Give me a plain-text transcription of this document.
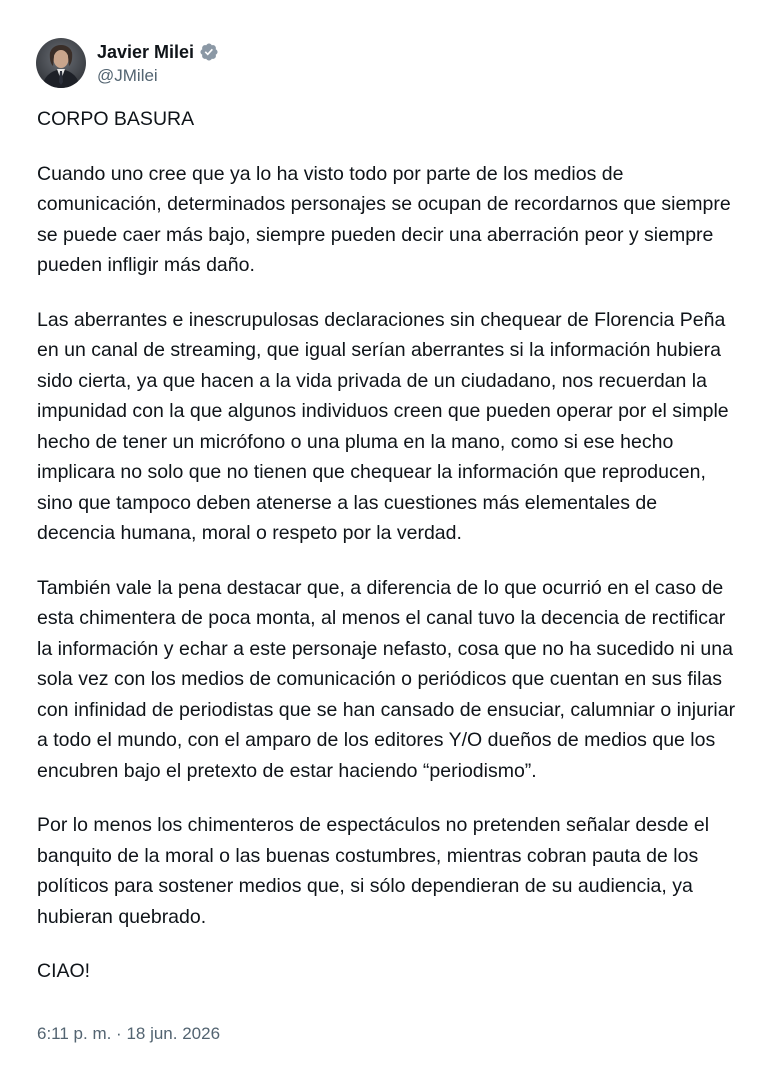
Javier Milei
@JMilei

CORPO BASURA

Cuando uno cree que ya lo ha visto todo por parte de los medios de comunicación, determinados personajes se ocupan de recordarnos que siempre se puede caer más bajo, siempre pueden decir una aberración peor y siempre pueden infligir más daño.

Las aberrantes e inescrupulosas declaraciones sin chequear de Florencia Peña en un canal de streaming, que igual serían aberrantes si la información hubiera sido cierta, ya que hacen a la vida privada de un ciudadano, nos recuerdan la impunidad con la que algunos individuos creen que pueden operar por el simple hecho de tener un micrófono o una pluma en la mano, como si ese hecho implicara no solo que no tienen que chequear la información que reproducen, sino que tampoco deben atenerse a las cuestiones más elementales de decencia humana, moral o respeto por la verdad.

También vale la pena destacar que, a diferencia de lo que ocurrió en el caso de esta chimentera de poca monta, al menos el canal tuvo la decencia de rectificar la información y echar a este personaje nefasto, cosa que no ha sucedido ni una sola vez con los medios de comunicación o periódicos que cuentan en sus filas con infinidad de periodistas que se han cansado de ensuciar, calumniar o injuriar a todo el mundo, con el amparo de los editores Y/O dueños de medios que los encubren bajo el pretexto de estar haciendo “periodismo”.

Por lo menos los chimenteros de espectáculos no pretenden señalar desde el banquito de la moral o las buenas costumbres, mientras cobran pauta de los políticos para sostener medios que, si sólo dependieran de su audiencia, ya hubieran quebrado.

CIAO!

6:11 p. m. · 18 jun. 2026
